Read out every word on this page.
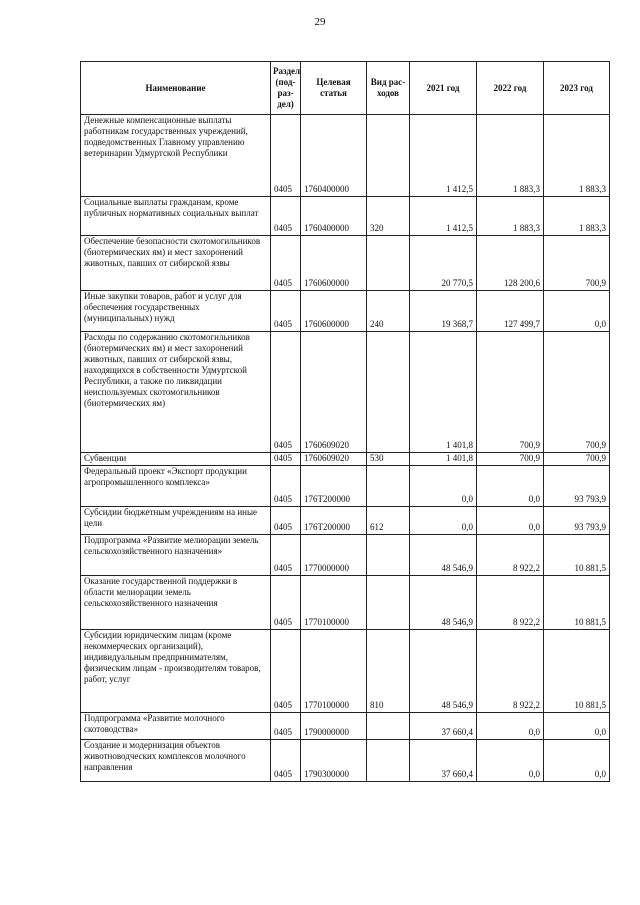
29
Наименование	Раздел (под-раз-дел)	Целевая статья	Вид рас-ходов	2021 год	2022 год	2023 год
Денежные компенсационные выплаты работникам государственных учреждений, подведомственных Главному управлению ветеринарии Удмуртской Республики	0405	1760400000		1 412,5	1 883,3	1 883,3
Социальные выплаты гражданам, кроме публичных нормативных социальных выплат	0405	1760400000	320	1 412,5	1 883,3	1 883,3
Обеспечение безопасности скотомогильников (биотермических ям) и мест захоронений животных, павших от сибирской язвы	0405	1760600000		20 770,5	128 200,6	700,9
Иные закупки товаров, работ и услуг для обеспечения государственных (муниципальных) нужд	0405	1760600000	240	19 368,7	127 499,7	0,0
Расходы по содержанию скотомогильников (биотермических ям) и мест захоронений животных, павших от сибирской язвы, находящихся в собственности Удмуртской Республики, а также по ликвидации неиспользуемых скотомогильников (биотермических ям)	0405	1760609020		1 401,8	700,9	700,9
Субвенции	0405	1760609020	530	1 401,8	700,9	700,9
Федеральный проект «Экспорт продукции агропромышленного комплекса»	0405	176T200000		0,0	0,0	93 793,9
Субсидии бюджетным учреждениям на иные цели	0405	176T200000	612	0,0	0,0	93 793,9
Подпрограмма «Развитие мелиорации земель сельскохозяйственного назначения»	0405	1770000000		48 546,9	8 922,2	10 881,5
Оказание государственной поддержки в области мелиорации земель сельскохозяйственного назначения	0405	1770100000		48 546,9	8 922,2	10 881,5
Субсидии юридическим лицам (кроме некоммерческих организаций), индивидуальным предпринимателям, физическим лицам - производителям товаров, работ, услуг	0405	1770100000	810	48 546,9	8 922,2	10 881,5
Подпрограмма «Развитие молочного скотоводства»	0405	1790000000		37 660,4	0,0	0,0
Создание и модернизация объектов животноводческих комплексов молочного направления	0405	1790300000		37 660,4	0,0	0,0
